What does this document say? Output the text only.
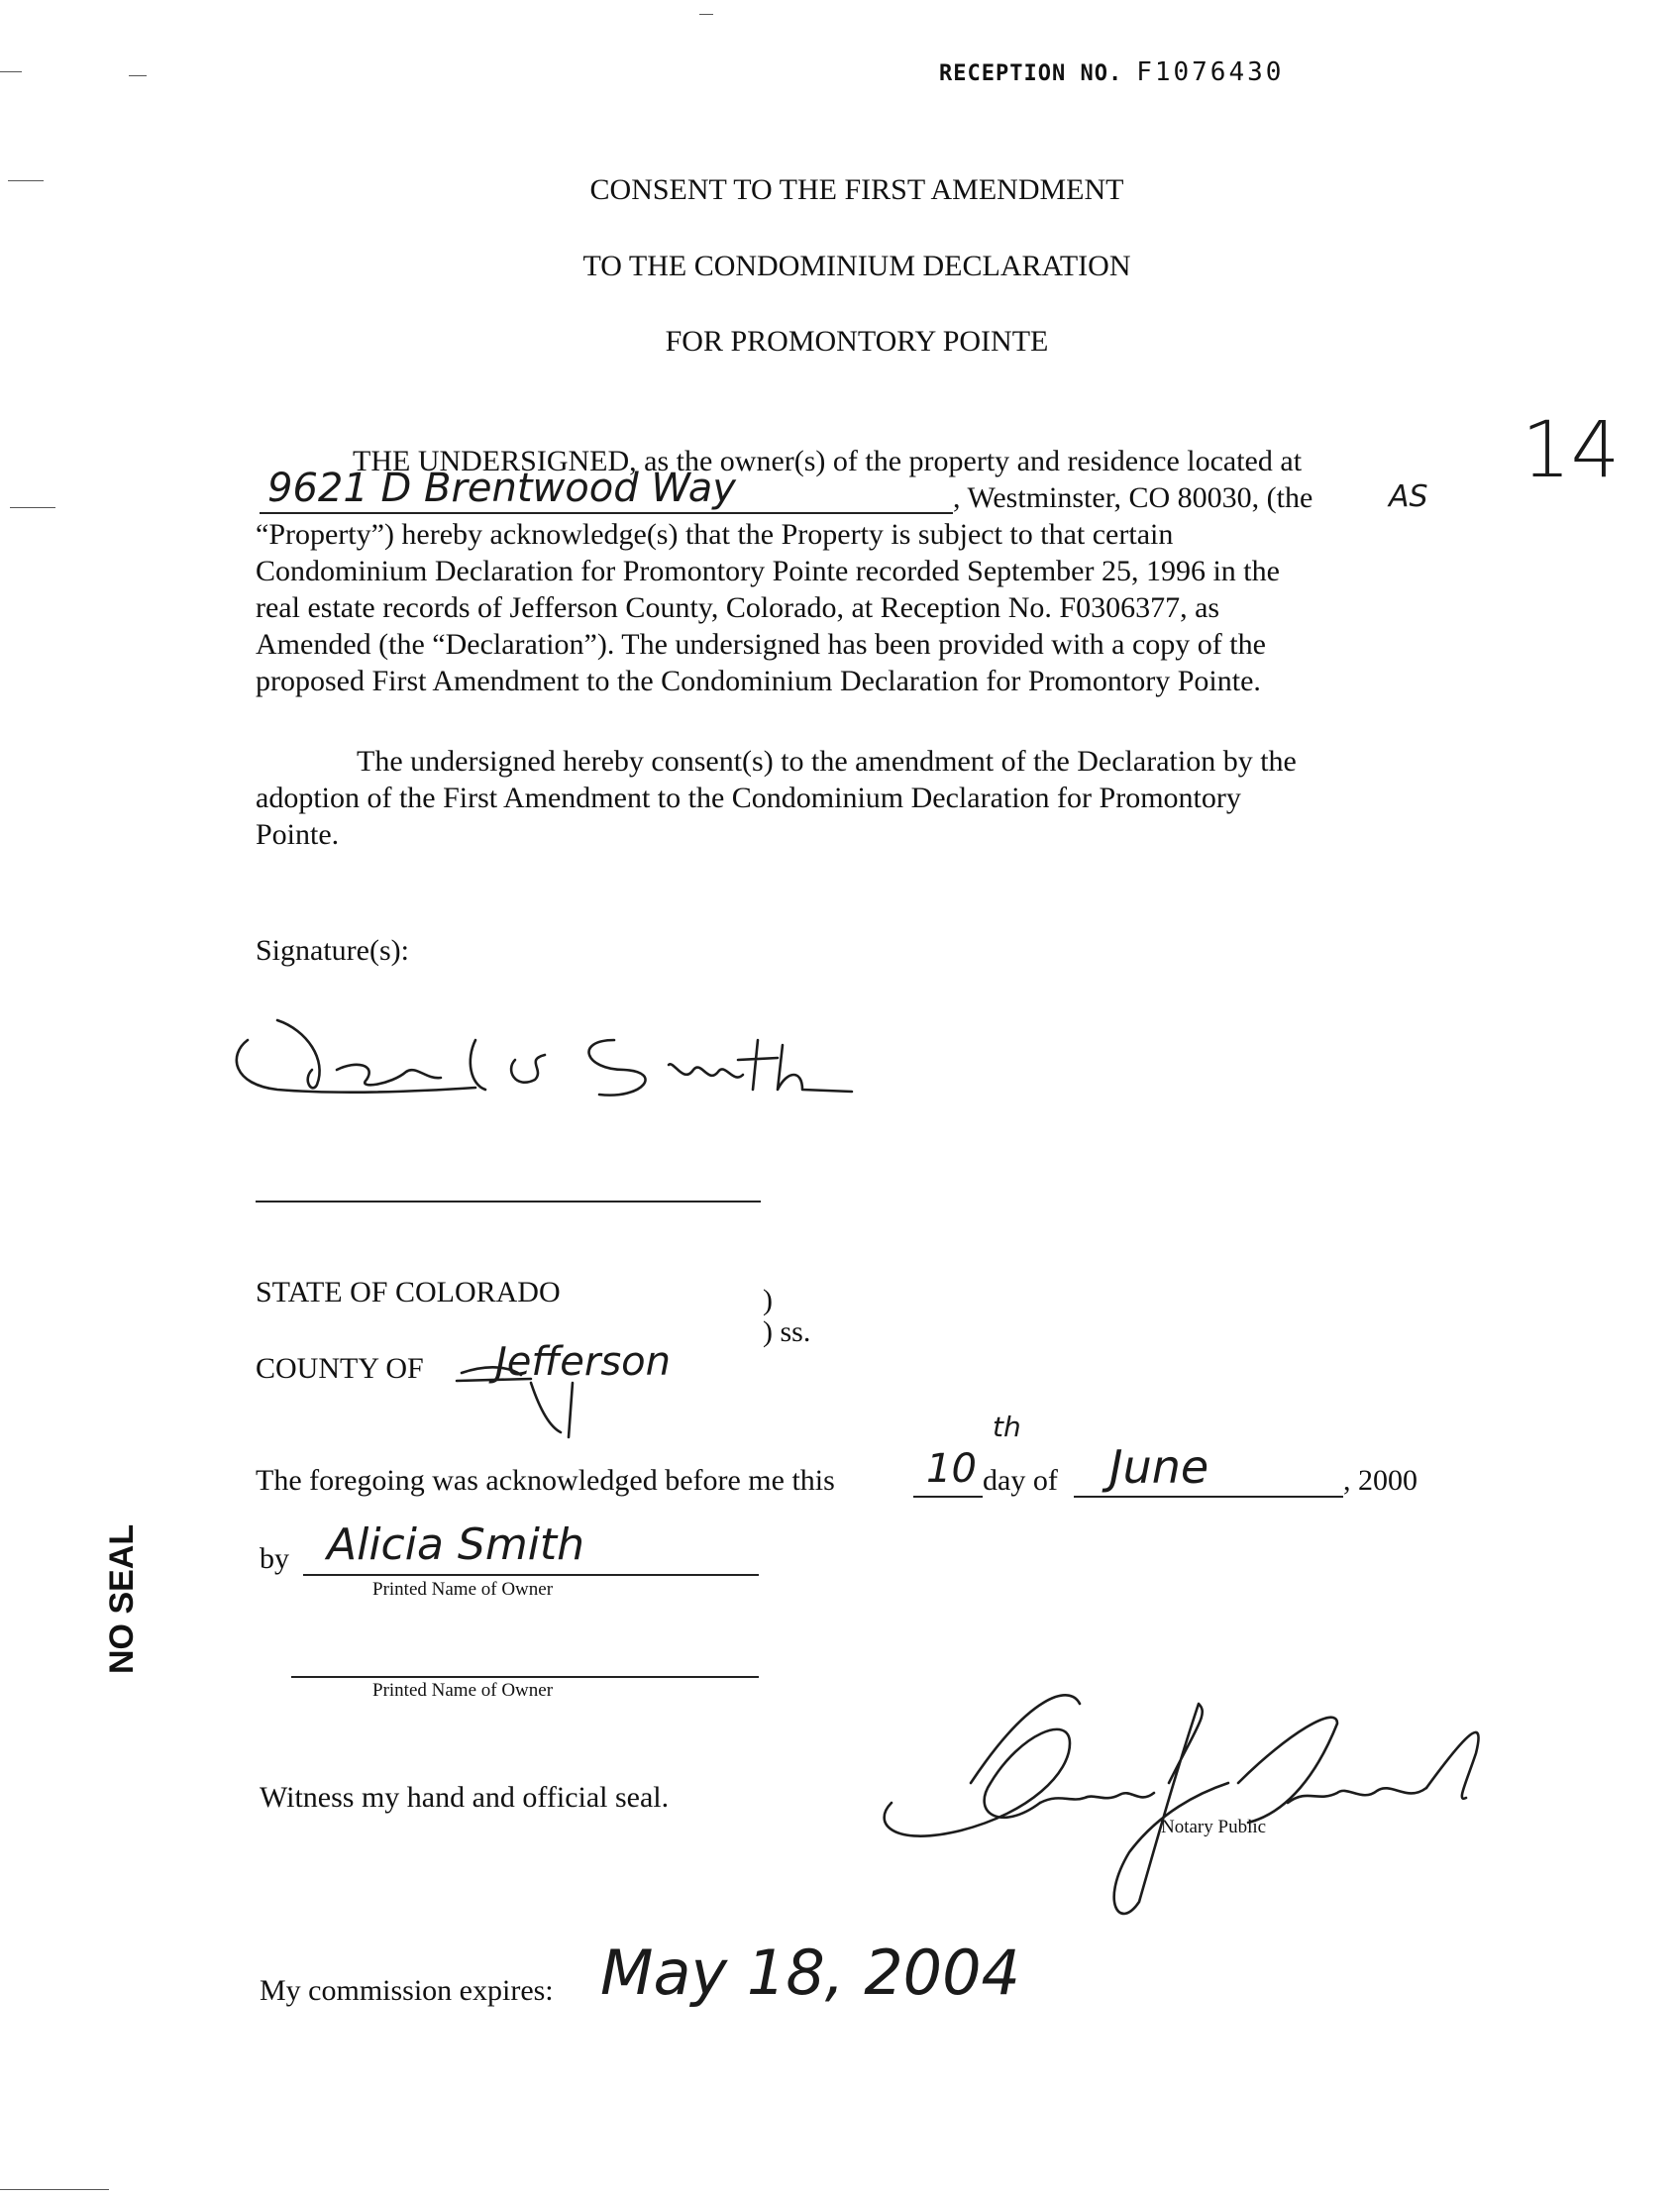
RECEPTION NO. F1076430
CONSENT TO THE FIRST AMENDMENT
TO THE CONDOMINIUM DECLARATION
FOR PROMONTORY POINTE
14
THE UNDERSIGNED, as the owner(s) of the property and residence located at
9621 D Brentwood Way	, Westminster, CO 80030, (the	AS
“Property”) hereby acknowledge(s) that the Property is subject to that certain
Condominium Declaration for Promontory Pointe recorded September 25, 1996 in the
real estate records of Jefferson County, Colorado, at Reception No. F0306377, as
Amended (the “Declaration”). The undersigned has been provided with a copy of the
proposed First Amendment to the Condominium Declaration for Promontory Pointe.
The undersigned hereby consent(s) to the amendment of the Declaration by the
adoption of the First Amendment to the Condominium Declaration for Promontory
Pointe.
Signature(s):
STATE OF COLORADO	)
) ss.
COUNTY OF Jefferson
The foregoing was acknowledged before me this 10
th
day of June	, 2000
by Alicia Smith
Printed Name of Owner
Printed Name of Owner
NO SEAL
Witness my hand and official seal.
Notary Public
My commission expires: May 18, 2004
